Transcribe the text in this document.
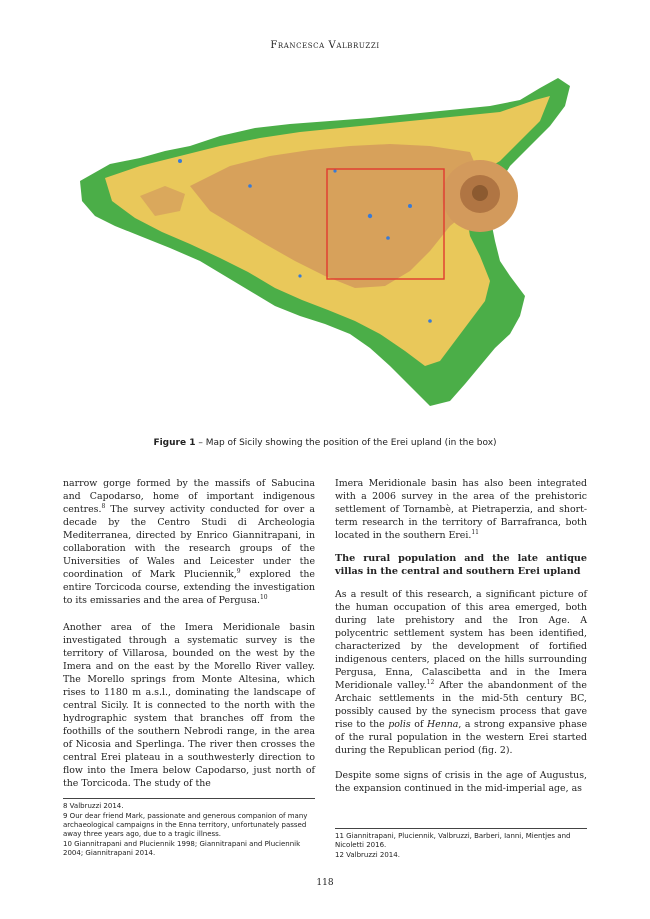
Francesca Valbruzzi
Figure 1 – Map of Sicily showing the position of the Erei upland (in the box)

narrow gorge formed by the massifs of Sabucina and Capodarso, home of important indigenous centres.$^8$ The survey activity conducted for over a decade by the Centro Studi di Archeologia Mediterranea, directed by Enrico Giannitrapani, in collaboration with the research groups of the Universities of Wales and Leicester under the coordination of Mark Pluciennik,$^9$ explored the entire Torcicoda course, extending the investigation to its emissaries and the area of Pergusa.$^{10}$

Another area of the Imera Meridionale basin investigated through a systematic survey is the territory of Villarosa, bounded on the west by the Imera and on the east by the Morello River valley. The Morello springs from Monte Altesina, which rises to 1180 m a.s.l., dominating the landscape of central Sicily. It is connected to the north with the hydrographic system that branches off from the foothills of the southern Nebrodi range, in the area of Nicosia and Sperlinga. The river then crosses the central Erei plateau in a southwesterly direction to flow into the Imera below Capodarso, just north of the Torcicoda. The study of the

Imera Meridionale basin has also been integrated with a 2006 survey in the area of the prehistoric settlement of Tornambè, at Pietraperzia, and short-term research in the territory of Barrafranca, both located in the southern Erei.$^{11}$

The rural population and the late antique villas in the central and southern Erei upland

As a result of this research, a significant picture of the human occupation of this area emerged, both during late prehistory and the Iron Age. A polycentric settlement system has been identified, characterized by the development of fortified indigenous centers, placed on the hills surrounding Pergusa, Enna, Calascibetta and in the Imera Meridionale valley.$^{12}$ After the abandonment of the Archaic settlements in the mid-5th century BC, possibly caused by the synecism process that gave rise to the polis of Henna, a strong expansive phase of the rural population in the western Erei started during the Republican period (fig. 2).

Despite some signs of crisis in the age of Augustus, the expansion continued in the mid-imperial age, as

8 Valbruzzi 2014.
9 Our dear friend Mark, passionate and generous companion of many archaeological campaigns in the Enna territory, unfortunately passed away three years ago, due to a tragic illness.
10 Giannitrapani and Pluciennik 1998; Giannitrapani and Pluciennik 2004; Giannitrapani 2014.
11 Giannitrapani, Pluciennik, Valbruzzi, Barberi, Ianni, Mientjes and Nicoletti 2016.
12 Valbruzzi 2014.
118
